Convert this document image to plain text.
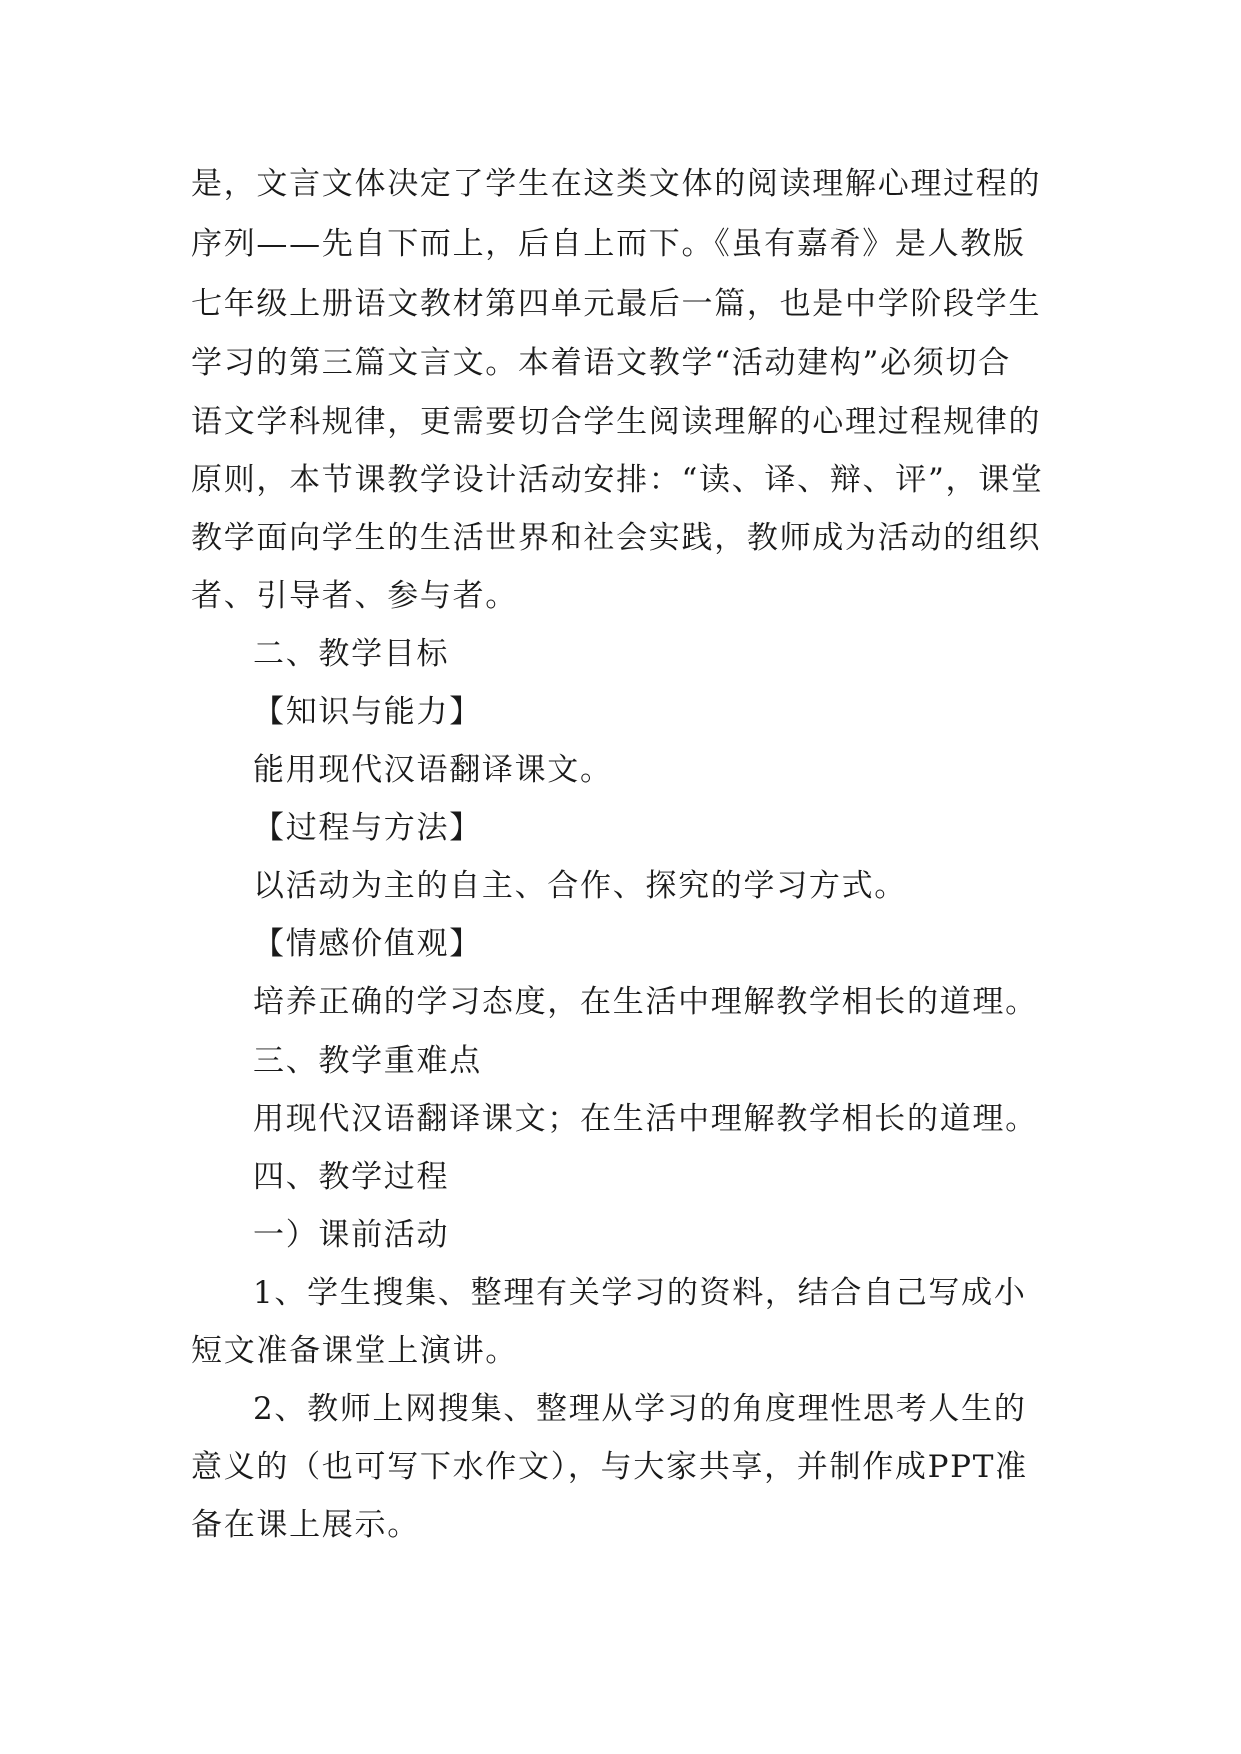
是，文言文体决定了学生在这类文体的阅读理解心理过程的
序列——先自下而上，后自上而下。《虽有嘉肴》是人教版
七年级上册语文教材第四单元最后一篇，也是中学阶段学生
学习的第三篇文言文。本着语文教学“活动建构”必须切合
语文学科规律，更需要切合学生阅读理解的心理过程规律的
原则，本节课教学设计活动安排：“读、译、辩、评”，课堂
教学面向学生的生活世界和社会实践，教师成为活动的组织
者、引导者、参与者。
二、教学目标
【知识与能力】
能用现代汉语翻译课文。
【过程与方法】
以活动为主的自主、合作、探究的学习方式。
【情感价值观】
培养正确的学习态度，在生活中理解教学相长的道理。
三、教学重难点
用现代汉语翻译课文；在生活中理解教学相长的道理。
四、教学过程
一）课前活动
1、学生搜集、整理有关学习的资料，结合自己写成小
短文准备课堂上演讲。
2、教师上网搜集、整理从学习的角度理性思考人生的
意义的（也可写下水作文），与大家共享，并制作成PPT准
备在课上展示。
